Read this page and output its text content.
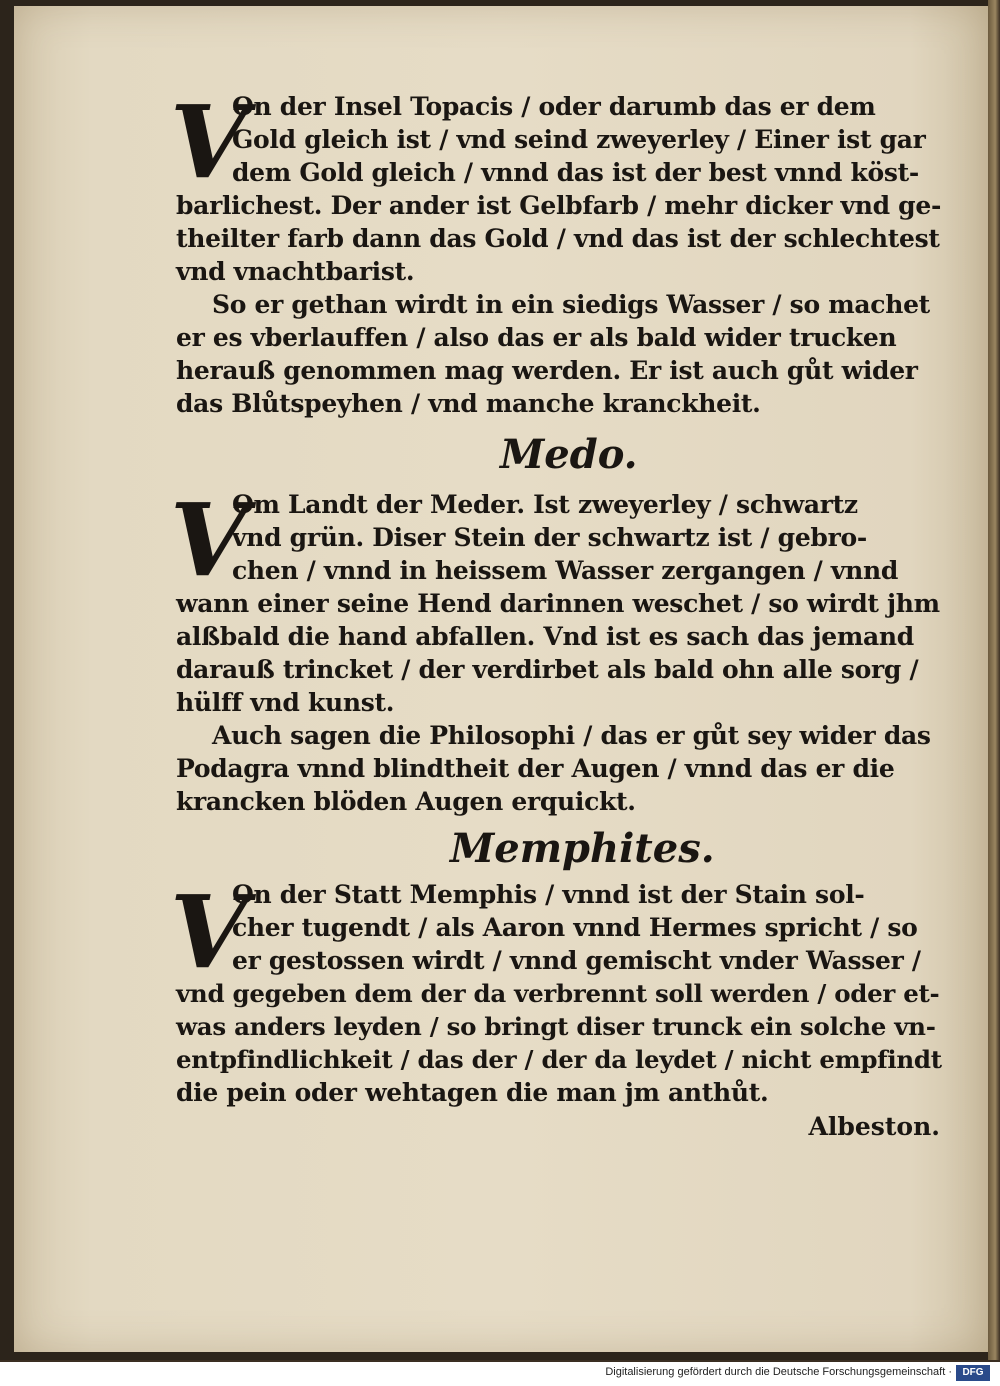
V
On der Insel Topacis / oder darumb das er dem
Gold gleich ist / vnd seind zweyerley / Einer ist gar
dem Gold gleich / vnnd das ist der best vnnd köst-
barlichest. Der ander ist Gelbfarb / mehr dicker vnd ge-
theilter farb dann das Gold / vnd das ist der schlechtest
vnd vnachtbarist.
So er gethan wirdt in ein siedigs Wasser / so machet
er es vberlauffen / also das er als bald wider trucken
herauß genommen mag werden. Er ist auch gůt wider
das Blůtspeyhen / vnd manche kranckheit.
Medo.
V
Om Landt der Meder. Ist zweyerley / schwartz
vnd grün. Diser Stein der schwartz ist / gebro-
chen / vnnd in heissem Wasser zergangen / vnnd
wann einer seine Hend darinnen weschet / so wirdt jhm
alßbald die hand abfallen. Vnd ist es sach das jemand
darauß trincket / der verdirbet als bald ohn alle sorg /
hülff vnd kunst.
Auch sagen die Philosophi / das er gůt sey wider das
Podagra vnnd blindtheit der Augen / vnnd das er die
krancken blöden Augen erquickt.
Memphites.
V
On der Statt Memphis / vnnd ist der Stain sol-
cher tugendt / als Aaron vnnd Hermes spricht / so
er gestossen wirdt / vnnd gemischt vnder Wasser /
vnd gegeben dem der da verbrennt soll werden / oder et-
was anders leyden / so bringt diser trunck ein solche vn-
entpfindlichkeit / das der / der da leydet / nicht empfindt
die pein oder wehtagen die man jm anthůt.
Albeston.
Digitalisierung gefördert durch die Deutsche Forschungsgemeinschaft ·	DFG
